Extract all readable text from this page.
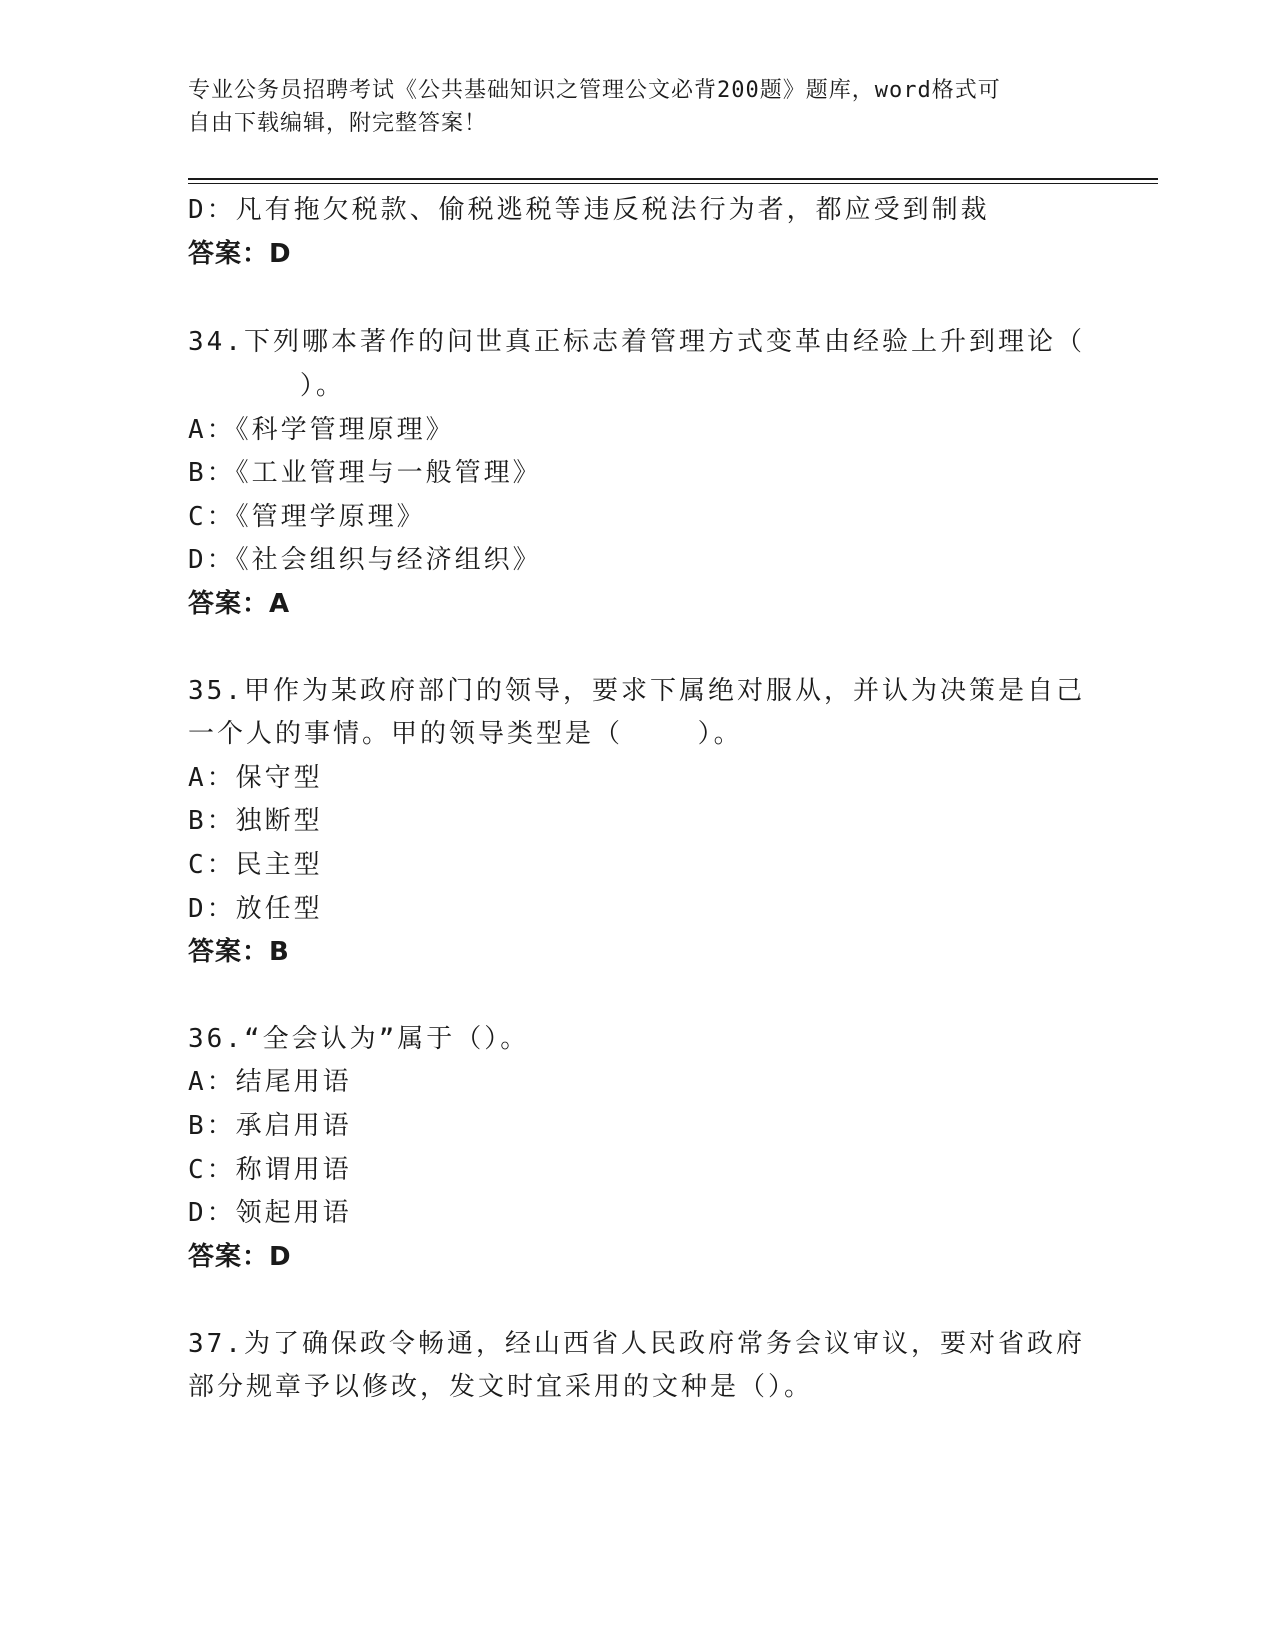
专业公务员招聘考试《公共基础知识之管理公文必背200题》题库，word格式可
自由下载编辑，附完整答案！
D：凡有拖欠税款、偷税逃税等违反税法行为者，都应受到制裁
答案：D
34.下列哪本著作的问世真正标志着管理方式变革由经验上升到理论（
）。
A：《科学管理原理》
B：《工业管理与一般管理》
C：《管理学原理》
D：《社会组织与经济组织》
答案：A
35.甲作为某政府部门的领导，要求下属绝对服从，并认为决策是自己
一个人的事情。甲的领导类型是（    ）。
A：保守型
B：独断型
C：民主型
D：放任型
答案：B
36.“全会认为”属于（）。
A：结尾用语
B：承启用语
C：称谓用语
D：领起用语
答案：D
37.为了确保政令畅通，经山西省人民政府常务会议审议，要对省政府
部分规章予以修改，发文时宜采用的文种是（）。
